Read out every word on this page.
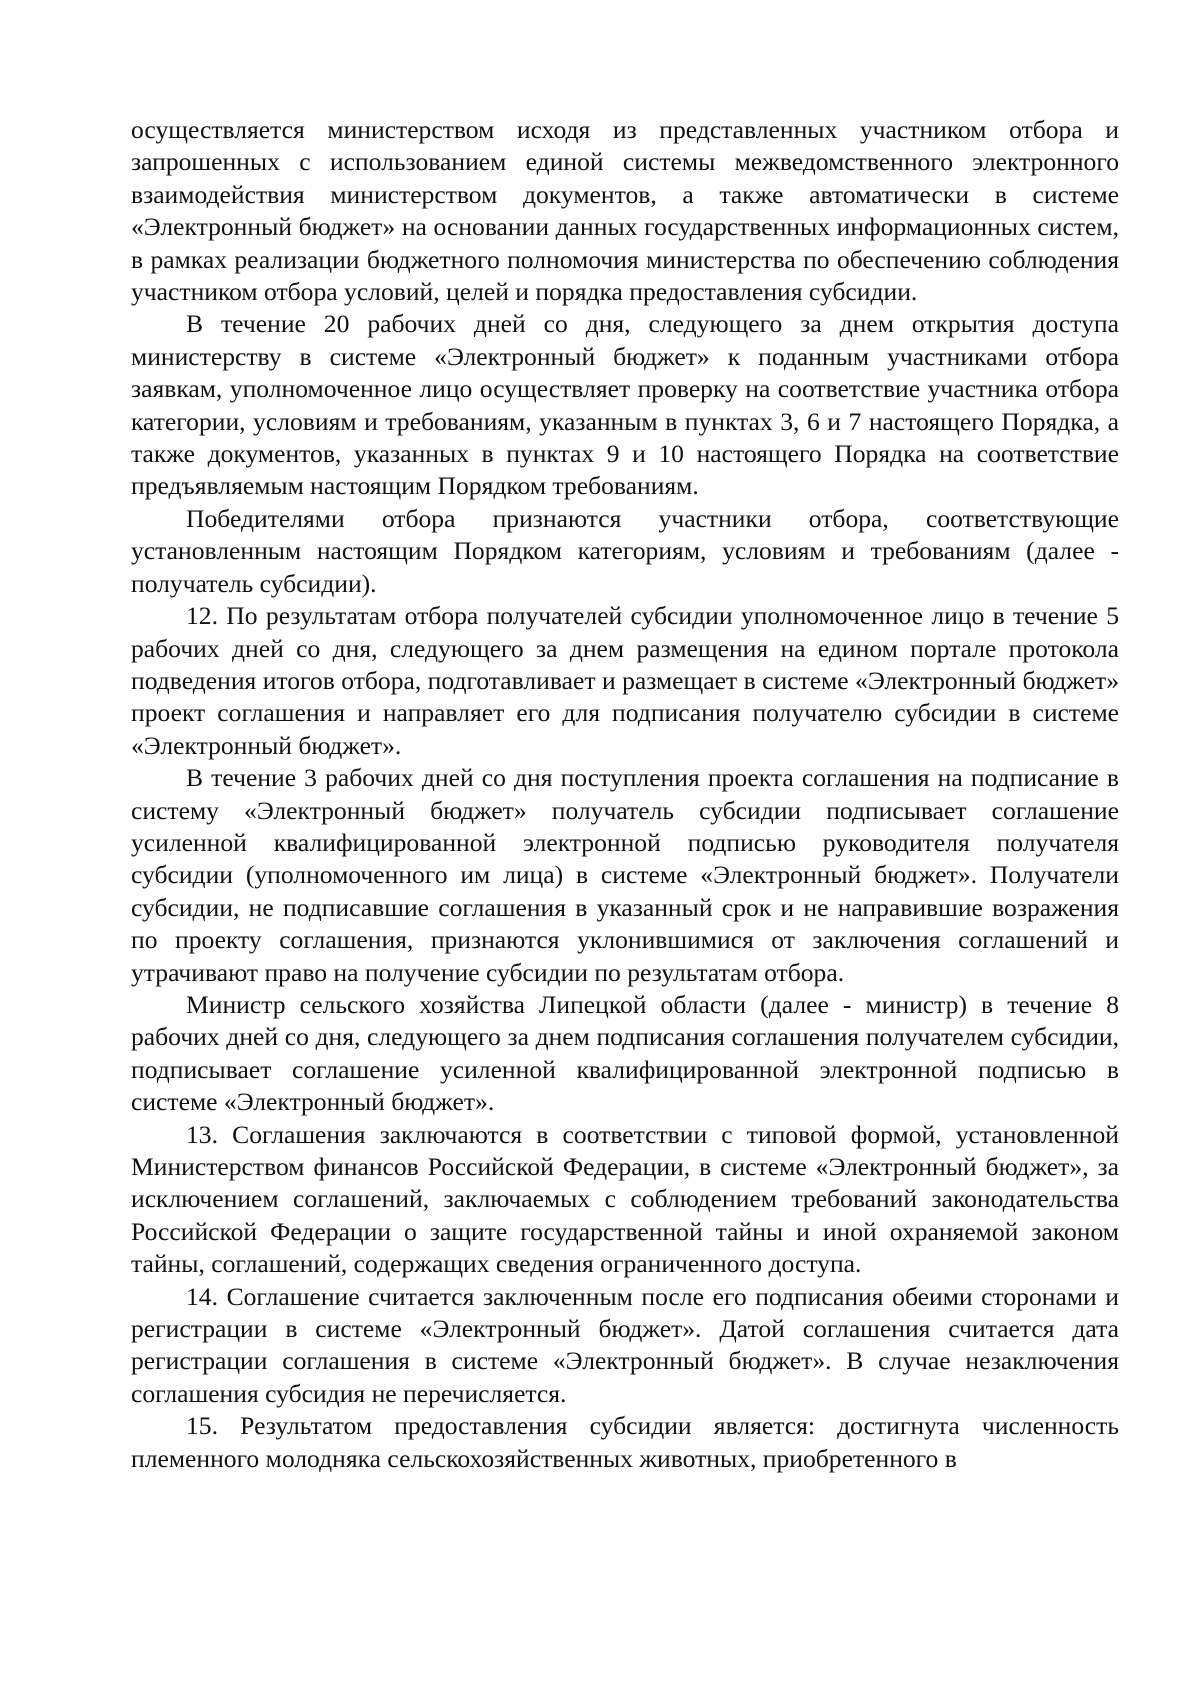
осуществляется министерством исходя из представленных участником отбора и запрошенных с использованием единой системы межведомственного электронного взаимодействия министерством документов, а также автоматически в системе «Электронный бюджет» на основании данных государственных информационных систем, в рамках реализации бюджетного полномочия министерства по обеспечению соблюдения участником отбора условий, целей и порядка предоставления субсидии.

В течение 20 рабочих дней со дня, следующего за днем открытия доступа министерству в системе «Электронный бюджет» к поданным участниками отбора заявкам, уполномоченное лицо осуществляет проверку на соответствие участника отбора категории, условиям и требованиям, указанным в пунктах 3, 6 и 7 настоящего Порядка, а также документов, указанных в пунктах 9 и 10 настоящего Порядка на соответствие предъявляемым настоящим Порядком требованиям.

Победителями отбора признаются участники отбора, соответствующие установленным настоящим Порядком категориям, условиям и требованиям (далее - получатель субсидии).

12. По результатам отбора получателей субсидии уполномоченное лицо в течение 5 рабочих дней со дня, следующего за днем размещения на едином портале протокола подведения итогов отбора, подготавливает и размещает в системе «Электронный бюджет» проект соглашения и направляет его для подписания получателю субсидии в системе «Электронный бюджет».

В течение 3 рабочих дней со дня поступления проекта соглашения на подписание в систему «Электронный бюджет» получатель субсидии подписывает соглашение усиленной квалифицированной электронной подписью руководителя получателя субсидии (уполномоченного им лица) в системе «Электронный бюджет». Получатели субсидии, не подписавшие соглашения в указанный срок и не направившие возражения по проекту соглашения, признаются уклонившимися от заключения соглашений и утрачивают право на получение субсидии по результатам отбора.

Министр сельского хозяйства Липецкой области (далее - министр) в течение 8 рабочих дней со дня, следующего за днем подписания соглашения получателем субсидии, подписывает соглашение усиленной квалифицированной электронной подписью в системе «Электронный бюджет».

13. Соглашения заключаются в соответствии с типовой формой, установленной Министерством финансов Российской Федерации, в системе «Электронный бюджет», за исключением соглашений, заключаемых с соблюдением требований законодательства Российской Федерации о защите государственной тайны и иной охраняемой законом тайны, соглашений, содержащих сведения ограниченного доступа.

14. Соглашение считается заключенным после его подписания обеими сторонами и регистрации в системе «Электронный бюджет». Датой соглашения считается дата регистрации соглашения в системе «Электронный бюджет». В случае незаключения соглашения субсидия не перечисляется.

15. Результатом предоставления субсидии является: достигнута численность племенного молодняка сельскохозяйственных животных, приобретенного в
